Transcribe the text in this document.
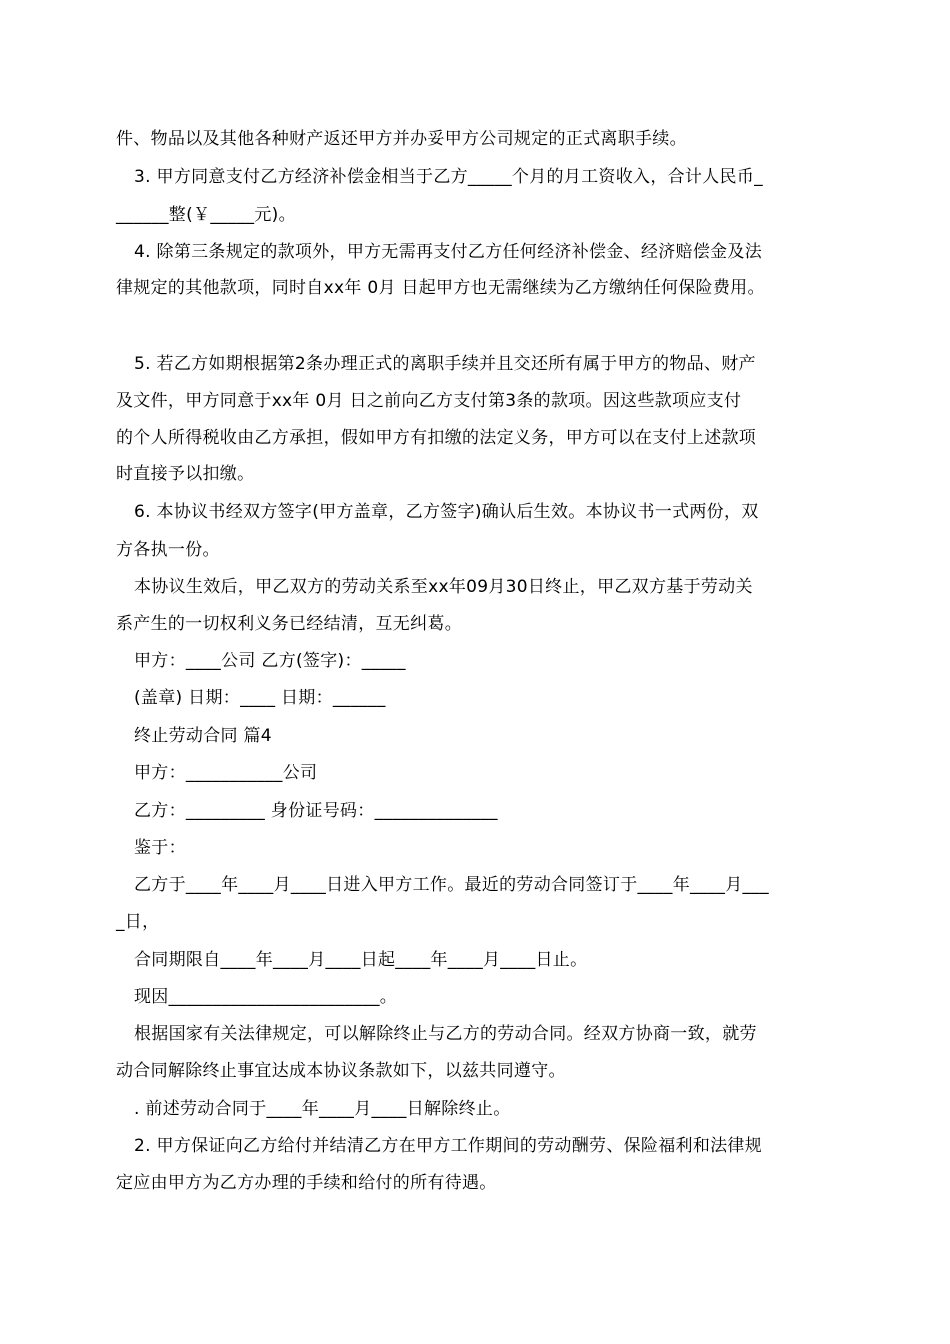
件、物品以及其他各种财产返还甲方并办妥甲方公司规定的正式离职手续。
3. 甲方同意支付乙方经济补偿金相当于乙方_____个月的月工资收入，合计人民币_
______整(￥_____元)。
4. 除第三条规定的款项外，甲方无需再支付乙方任何经济补偿金、经济赔偿金及法
律规定的其他款项，同时自xx年 0月 日起甲方也无需继续为乙方缴纳任何保险费用。
5. 若乙方如期根据第2条办理正式的离职手续并且交还所有属于甲方的物品、财产
及文件，甲方同意于xx年 0月 日之前向乙方支付第3条的款项。因这些款项应支付
的个人所得税收由乙方承担，假如甲方有扣缴的法定义务，甲方可以在支付上述款项
时直接予以扣缴。
6. 本协议书经双方签字(甲方盖章，乙方签字)确认后生效。本协议书一式两份，双
方各执一份。
本协议生效后，甲乙双方的劳动关系至xx年09月30日终止，甲乙双方基于劳动关
系产生的一切权利义务已经结清，互无纠葛。
甲方：____公司 乙方(签字)：_____
(盖章) 日期：____ 日期：______
终止劳动合同 篇4
甲方：___________公司
乙方：_________ 身份证号码：______________
鉴于：
乙方于____年____月____日进入甲方工作。最近的劳动合同签订于____年____月___
_日，
合同期限自____年____月____日起____年____月____日止。
现因________________________。
根据国家有关法律规定，可以解除终止与乙方的劳动合同。经双方协商一致，就劳
动合同解除终止事宜达成本协议条款如下，以兹共同遵守。
. 前述劳动合同于____年____月____日解除终止。
2. 甲方保证向乙方给付并结清乙方在甲方工作期间的劳动酬劳、保险福利和法律规
定应由甲方为乙方办理的手续和给付的所有待遇。
